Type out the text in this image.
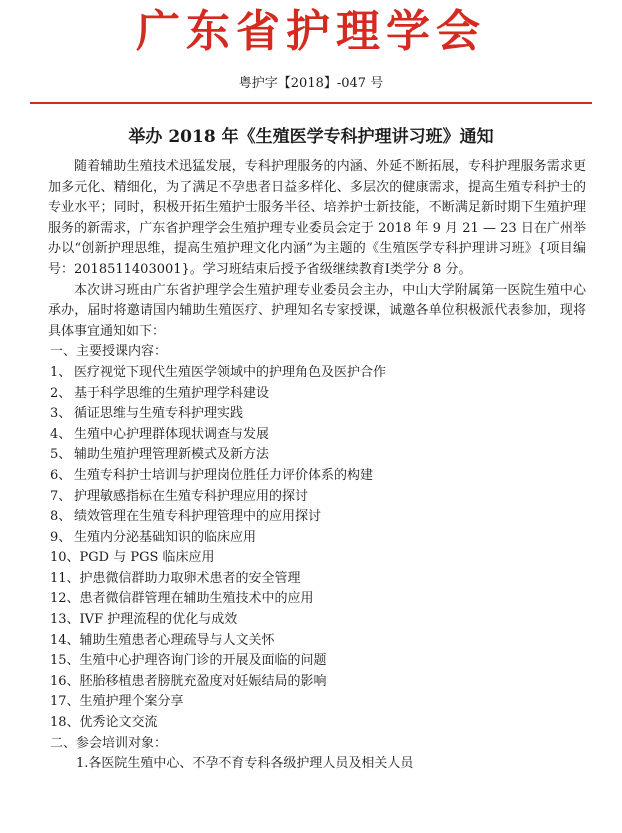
广东省护理学会
粤护字【2018】-047 号
举办 2018 年《生殖医学专科护理讲习班》通知

随着辅助生殖技术迅猛发展，专科护理服务的内涵、外延不断拓展，专科护理服务需求更加多元化、精细化，为了满足不孕患者日益多样化、多层次的健康需求，提高生殖专科护士的专业水平；同时，积极开拓生殖护士服务半径、培养护士新技能，不断满足新时期下生殖护理服务的新需求，广东省护理学会生殖护理专业委员会定于 2018 年 9 月 21 — 23 日在广州举办以“创新护理思维，提高生殖护理文化内涵”为主题的《生殖医学专科护理讲习班》{项目编号：2018511403001}。学习班结束后授予省级继续教育Ⅰ类学分 8 分。

本次讲习班由广东省护理学会生殖护理专业委员会主办，中山大学附属第一医院生殖中心承办，届时将邀请国内辅助生殖医疗、护理知名专家授课，诚邀各单位积极派代表参加，现将具体事宜通知如下：

一、主要授课内容：
1、 医疗视觉下现代生殖医学领域中的护理角色及医护合作
2、 基于科学思维的生殖护理学科建设
3、 循证思维与生殖专科护理实践
4、 生殖中心护理群体现状调查与发展
5、 辅助生殖护理管理新模式及新方法
6、 生殖专科护士培训与护理岗位胜任力评价体系的构建
7、 护理敏感指标在生殖专科护理应用的探讨
8、 绩效管理在生殖专科护理管理中的应用探讨
9、 生殖内分泌基础知识的临床应用
10、PGD 与 PGS 临床应用
11、护患微信群助力取卵术患者的安全管理
12、患者微信群管理在辅助生殖技术中的应用
13、IVF 护理流程的优化与成效
14、辅助生殖患者心理疏导与人文关怀
15、生殖中心护理咨询门诊的开展及面临的问题
16、胚胎移植患者膀胱充盈度对妊娠结局的影响
17、生殖护理个案分享
18、优秀论文交流
二、参会培训对象：
1.各医院生殖中心、不孕不育专科各级护理人员及相关人员
